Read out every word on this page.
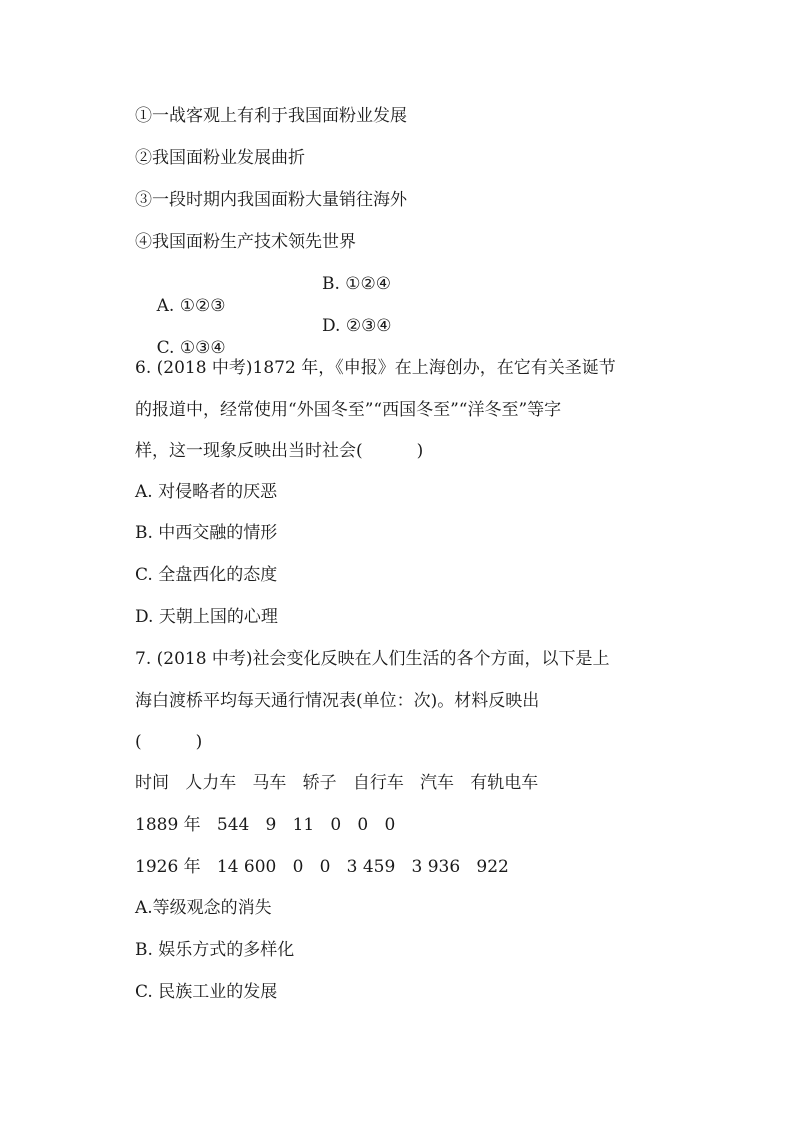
①一战客观上有利于我国面粉业发展
②我国面粉业发展曲折
③一段时期内我国面粉大量销往海外
④我国面粉生产技术领先世界

A. ①②③

B. ①②④

C. ①③④

D. ②③④
6. (2018 中考)1872 年，《申报》在上海创办，在它有关圣诞节
的报道中，经常使用“外国冬至”“西国冬至”“洋冬至”等字
样，这一现象反映出当时社会(          )
A. 对侵略者的厌恶
B. 中西交融的情形
C. 全盘西化的态度
D. 天朝上国的心理
7. (2018 中考)社会变化反映在人们生活的各个方面，以下是上
海白渡桥平均每天通行情况表(单位：次)。材料反映出
(          )
时间   人力车   马车   轿子   自行车   汽车   有轨电车
1889 年   544   9   11   0   0   0
1926 年   14 600   0   0   3 459   3 936   922
A.等级观念的消失
B. 娱乐方式的多样化
C. 民族工业的发展
